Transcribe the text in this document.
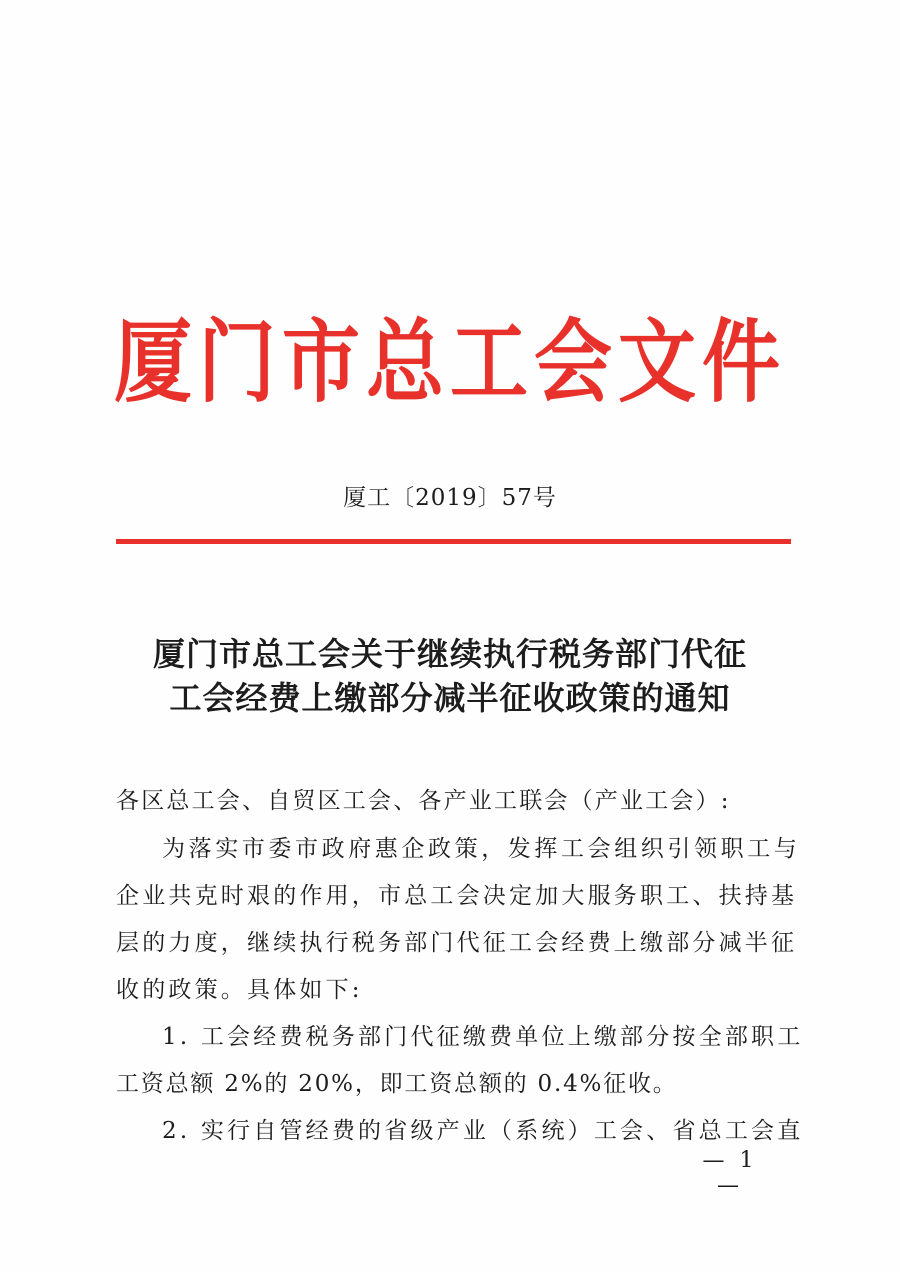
厦门市总工会文件
厦工〔2019〕57号
厦门市总工会关于继续执行税务部门代征
工会经费上缴部分减半征收政策的通知
各区总工会、自贸区工会、各产业工联会（产业工会）:
为落实市委市政府惠企政策，发挥工会组织引领职工与
企业共克时艰的作用，市总工会决定加大服务职工、扶持基
层的力度，继续执行税务部门代征工会经费上缴部分减半征
收的政策。具体如下:
1. 工会经费税务部门代征缴费单位上缴部分按全部职工
工资总额 2%的 20%，即工资总额的 0.4%征收。
2. 实行自管经费的省级产业（系统）工会、省总工会直
— 1 —
